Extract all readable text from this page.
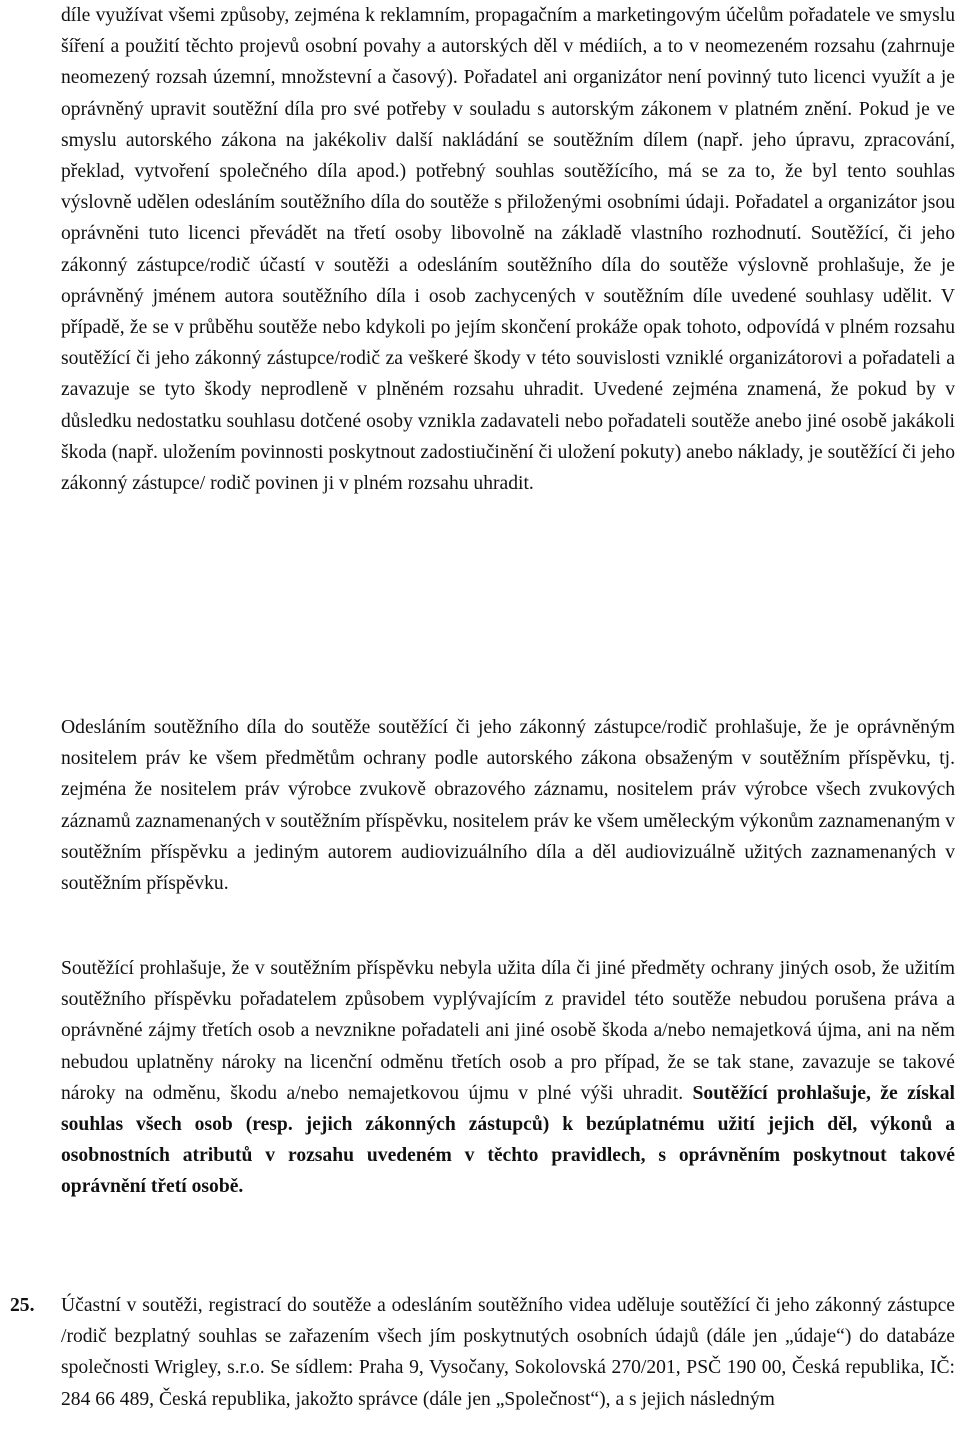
díle využívat všemi způsoby, zejména k reklamním, propagačním a marketingovým účelům pořadatele ve smyslu šíření a použití těchto projevů osobní povahy a autorských děl v médiích, a to v neomezeném rozsahu (zahrnuje neomezený rozsah územní, množstevní a časový). Pořadatel ani organizátor není povinný tuto licenci využít a je oprávněný upravit soutěžní díla pro své potřeby v souladu s autorským zákonem v platném znění. Pokud je ve smyslu autorského zákona na jakékoliv další nakládání se soutěžním dílem (např. jeho úpravu, zpracování, překlad, vytvoření společného díla apod.) potřebný souhlas soutěžícího, má se za to, že byl tento souhlas výslovně udělen odesláním soutěžního díla do soutěže s přiloženými osobními údaji. Pořadatel a organizátor jsou oprávněni tuto licenci převádět na třetí osoby libovolně na základě vlastního rozhodnutí. Soutěžící, či jeho zákonný zástupce/rodič účastí v soutěži a odesláním soutěžního díla do soutěže výslovně prohlašuje, že je oprávněný jménem autora soutěžního díla i osob zachycených v soutěžním díle uvedené souhlasy udělit. V případě, že se v průběhu soutěže nebo kdykoli po jejím skončení prokáže opak tohoto, odpovídá v plném rozsahu soutěžící či jeho zákonný zástupce/rodič za veškeré škody v této souvislosti vzniklé organizátorovi a pořadateli a zavazuje se tyto škody neprodleně v plněném rozsahu uhradit. Uvedené zejména znamená, že pokud by v důsledku nedostatku souhlasu dotčené osoby vznikla zadavateli nebo pořadateli soutěže anebo jiné osobě jakákoli škoda (např. uložením povinnosti poskytnout zadostiučinění či uložení pokuty) anebo náklady, je soutěžící či jeho zákonný zástupce/ rodič povinen ji v plném rozsahu uhradit.

Odesláním soutěžního díla do soutěže soutěžící či jeho zákonný zástupce/rodič prohlašuje, že je oprávněným nositelem práv ke všem předmětům ochrany podle autorského zákona obsaženým v soutěžním příspěvku, tj. zejména že nositelem práv výrobce zvukově obrazového záznamu, nositelem práv výrobce všech zvukových záznamů zaznamenaných v soutěžním příspěvku, nositelem práv ke všem uměleckým výkonům zaznamenaným v soutěžním příspěvku a jediným autorem audiovizuálního díla a děl audiovizuálně užitých zaznamenaných v soutěžním příspěvku.

Soutěžící prohlašuje, že v soutěžním příspěvku nebyla užita díla či jiné předměty ochrany jiných osob, že užitím soutěžního příspěvku pořadatelem způsobem vyplývajícím z pravidel této soutěže nebudou porušena práva a oprávněné zájmy třetích osob a nevznikne pořadateli ani jiné osobě škoda a/nebo nemajetková újma, ani na něm nebudou uplatněny nároky na licenční odměnu třetích osob a pro případ, že se tak stane, zavazuje se takové nároky na odměnu, škodu a/nebo nemajetkovou újmu v plné výši uhradit. Soutěžící prohlašuje, že získal souhlas všech osob (resp. jejich zákonných zástupců) k bezúplatnému užití jejich děl, výkonů a osobnostních atributů v rozsahu uvedeném v těchto pravidlech, s oprávněním poskytnout takové oprávnění třetí osobě.

25.	Účastní v soutěži, registrací do soutěže a odesláním soutěžního videa uděluje soutěžící či jeho zákonný zástupce /rodič bezplatný souhlas se zařazením všech jím poskytnutých osobních údajů (dále jen „údaje“) do databáze společnosti Wrigley, s.r.o. Se sídlem: Praha 9, Vysočany, Sokolovská 270/201, PSČ 190 00, Česká republika, IČ: 284 66 489, Česká republika, jakožto správce (dále jen „Společnost“), a s jejich následným
